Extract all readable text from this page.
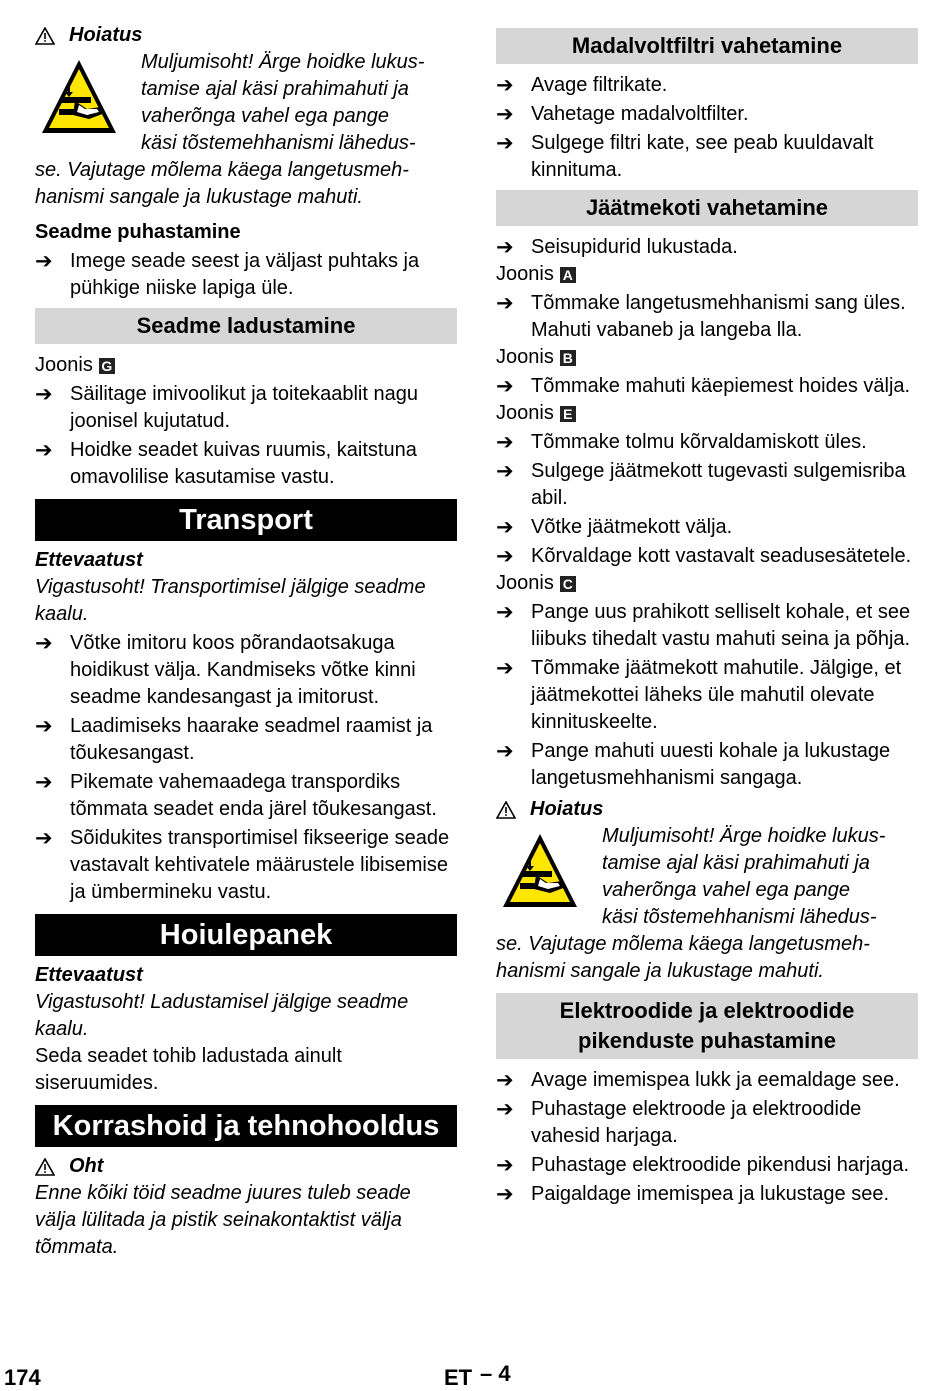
Hoiatus
Muljumisoht! Ärge hoidke lukus-
tamise ajal käsi prahimahuti ja
vaherõnga vahel ega pange
käsi tõstemehhanismi lähedus-
se. Vajutage mõlema käega langetusmeh-
hanismi sangale ja lukustage mahuti.
Seadme puhastamine
➔ Imege seade seest ja väljast puhtaks ja pühkige niiske lapiga üle.
Seadme ladustamine
Joonis G
➔ Säilitage imivoolikut ja toitekaablit nagu joonisel kujutatud.
➔ Hoidke seadet kuivas ruumis, kaitstuna omavolilise kasutamise vastu.
Transport
Ettevaatust
Vigastusoht! Transportimisel jälgige seadme kaalu.
➔ Võtke imitoru koos põrandaotsakuga hoidikust välja. Kandmiseks võtke kinni seadme kandesangast ja imitorust.
➔ Laadimiseks haarake seadmel raamist ja tõukesangast.
➔ Pikemate vahemaadega transpordiks tõmmata seadet enda järel tõukesangast.
➔ Sõidukites transportimisel fikseerige seade vastavalt kehtivatele määrustele libisemise ja ümbermineku vastu.
Hoiulepanek
Ettevaatust
Vigastusoht! Ladustamisel jälgige seadme kaalu.
Seda seadet tohib ladustada ainult siseruumides.
Korrashoid ja tehnohooldus
Oht
Enne kõiki töid seadme juures tuleb seade välja lülitada ja pistik seinakontaktist välja tõmmata.
Madalvoltfiltri vahetamine
➔ Avage filtrikate.
➔ Vahetage madalvoltfilter.
➔ Sulgege filtri kate, see peab kuuldavalt kinnituma.
Jäätmekoti vahetamine
➔ Seisupidurid lukustada.
Joonis A
➔ Tõmmake langetusmehhanismi sang üles. Mahuti vabaneb ja langeba lla.
Joonis B
➔ Tõmmake mahuti käepiemest hoides välja.
Joonis E
➔ Tõmmake tolmu kõrvaldamiskott üles.
➔ Sulgege jäätmekott tugevasti sulgemisriba abil.
➔ Võtke jäätmekott välja.
➔ Kõrvaldage kott vastavalt seadusesätetele.
Joonis C
➔ Pange uus prahikott selliselt kohale, et see liibuks tihedalt vastu mahuti seina ja põhja.
➔ Tõmmake jäätmekott mahutile. Jälgige, et jäätmekottei läheks üle mahutil olevate kinnituskeelte.
➔ Pange mahuti uuesti kohale ja lukustage langetusmehhanismi sangaga.
Hoiatus
Muljumisoht! Ärge hoidke lukus-
tamise ajal käsi prahimahuti ja
vaherõnga vahel ega pange
käsi tõstemehhanismi lähedus-
se. Vajutage mõlema käega langetusmeh-
hanismi sangale ja lukustage mahuti.
Elektroodide ja elektroodide
pikenduste puhastamine
➔ Avage imemispea lukk ja eemaldage see.
➔ Puhastage elektroode ja elektroodide vahesid harjaga.
➔ Puhastage elektroodide pikendusi harjaga.
➔ Paigaldage imemispea ja lukustage see.
174	ET – 4
